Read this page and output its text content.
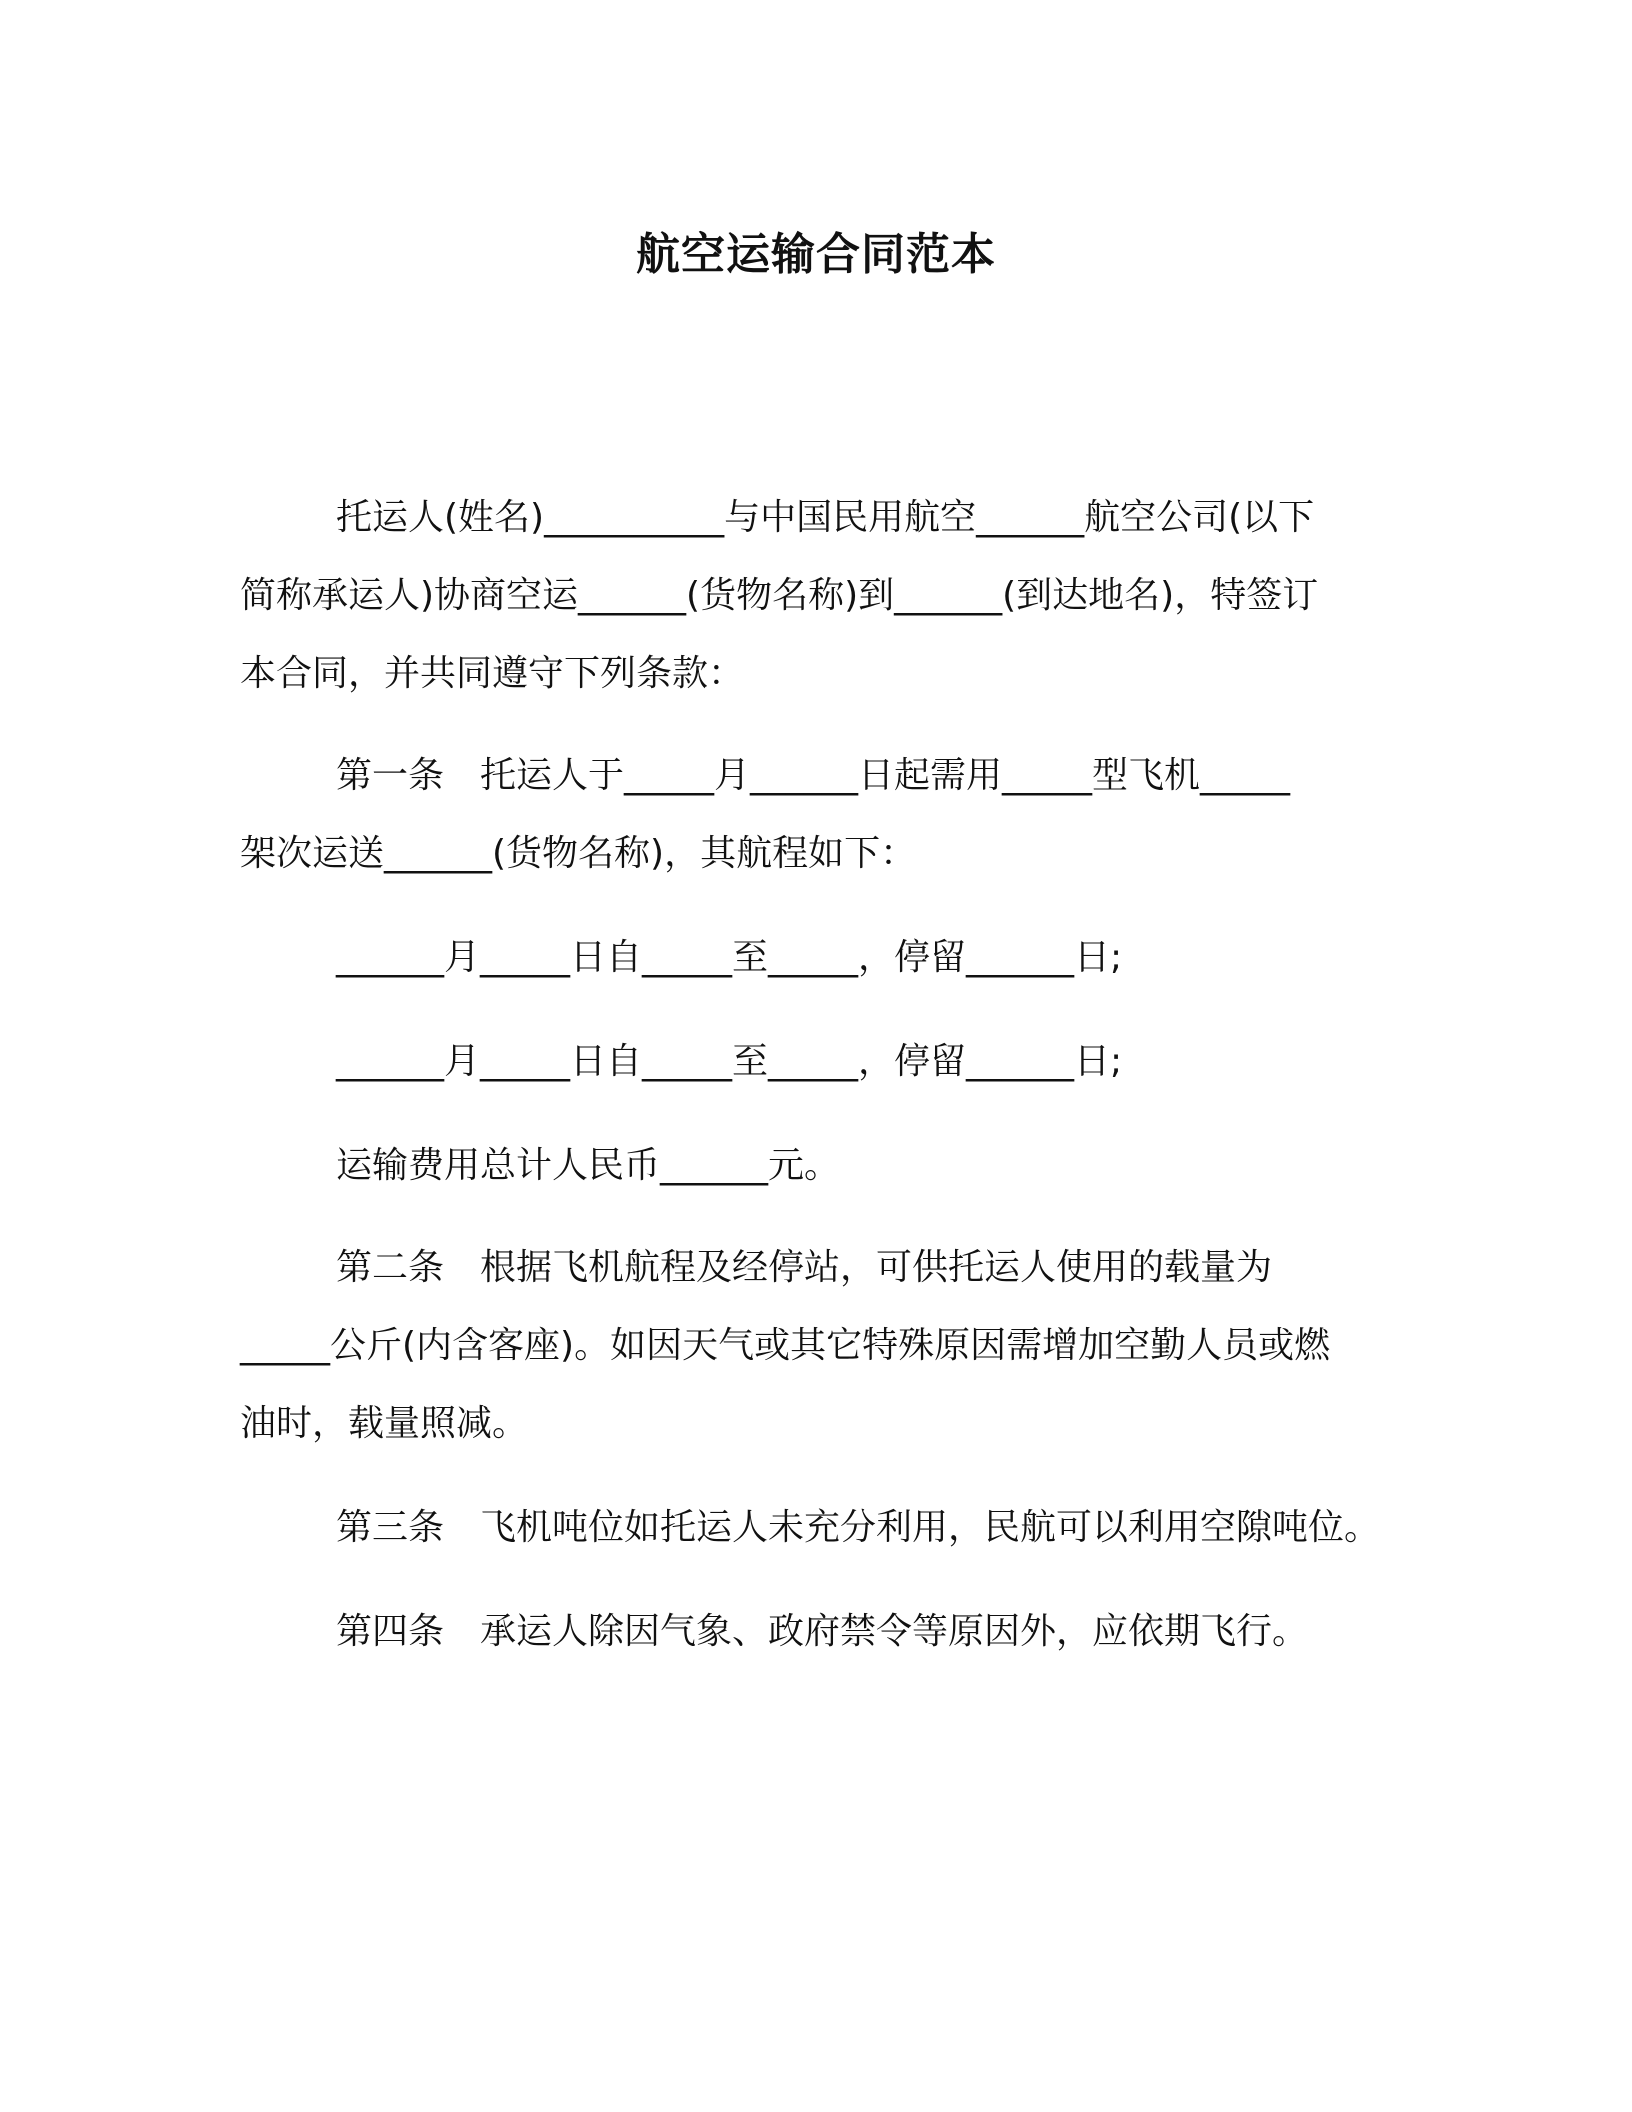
航空运输合同范本
托运人(姓名)__________与中国民用航空______航空公司(以下
简称承运人)协商空运______(货物名称)到______(到达地名)，特签订
本合同，并共同遵守下列条款：
第一条　托运人于_____月______日起需用_____型飞机_____
架次运送______(货物名称)，其航程如下：
______月_____日自_____至_____，停留______日;
______月_____日自_____至_____，停留______日;
运输费用总计人民币______元。
第二条　根据飞机航程及经停站，可供托运人使用的载量为
_____公斤(内含客座)。如因天气或其它特殊原因需增加空勤人员或燃
油时，载量照减。
第三条　飞机吨位如托运人未充分利用，民航可以利用空隙吨位。
第四条　承运人除因气象、政府禁令等原因外，应依期飞行。
